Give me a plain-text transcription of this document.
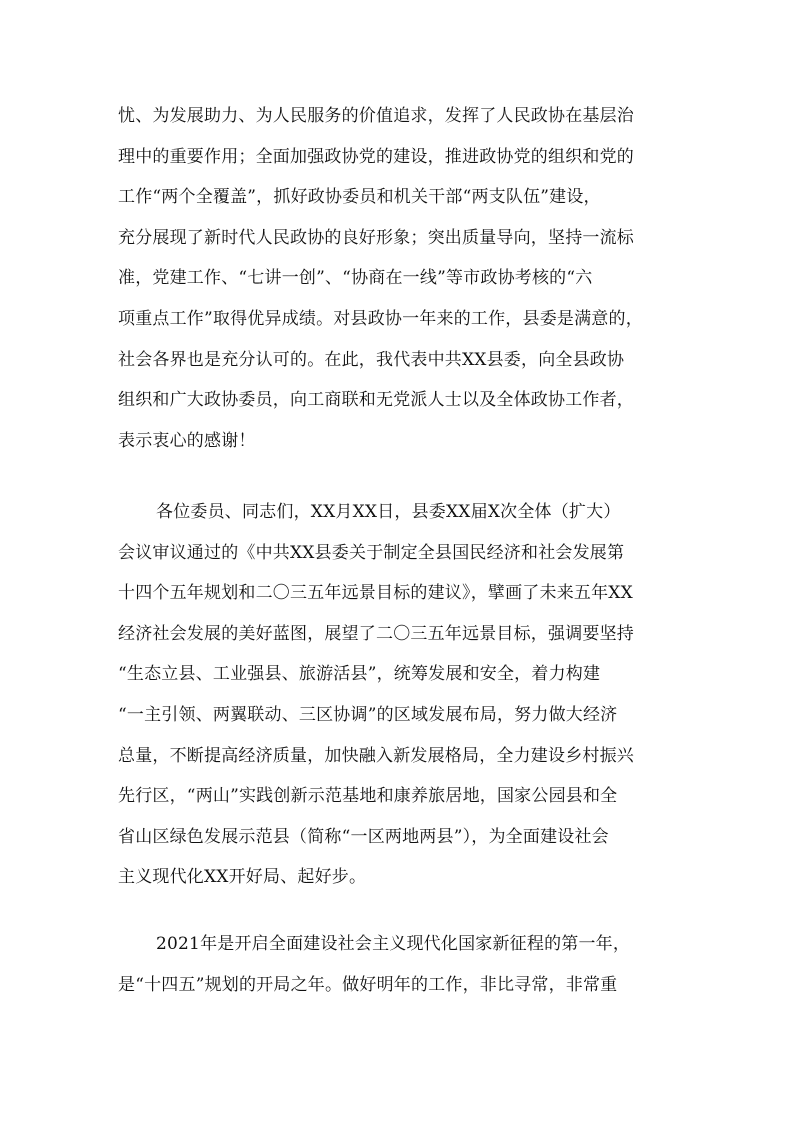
忧、为发展助力、为人民服务的价值追求，发挥了人民政协在基层治
理中的重要作用；全面加强政协党的建设，推进政协党的组织和党的
工作“两个全覆盖”，抓好政协委员和机关干部“两支队伍”建设，
充分展现了新时代人民政协的良好形象；突出质量导向，坚持一流标
准，党建工作、“七讲一创”、“协商在一线”等市政协考核的“六
项重点工作”取得优异成绩。对县政协一年来的工作，县委是满意的，
社会各界也是充分认可的。在此，我代表中共XX县委，向全县政协
组织和广大政协委员，向工商联和无党派人士以及全体政协工作者，
表示衷心的感谢！
各位委员、同志们，XX月XX日，县委XX届X次全体（扩大）
会议审议通过的《中共XX县委关于制定全县国民经济和社会发展第
十四个五年规划和二〇三五年远景目标的建议》，擘画了未来五年XX
经济社会发展的美好蓝图，展望了二〇三五年远景目标，强调要坚持
“生态立县、工业强县、旅游活县”，统筹发展和安全，着力构建
“一主引领、两翼联动、三区协调”的区域发展布局，努力做大经济
总量，不断提高经济质量，加快融入新发展格局，全力建设乡村振兴
先行区，“两山”实践创新示范基地和康养旅居地，国家公园县和全
省山区绿色发展示范县（简称“一区两地两县”），为全面建设社会
主义现代化XX开好局、起好步。
2021年是开启全面建设社会主义现代化国家新征程的第一年，
是“十四五”规划的开局之年。做好明年的工作，非比寻常，非常重
